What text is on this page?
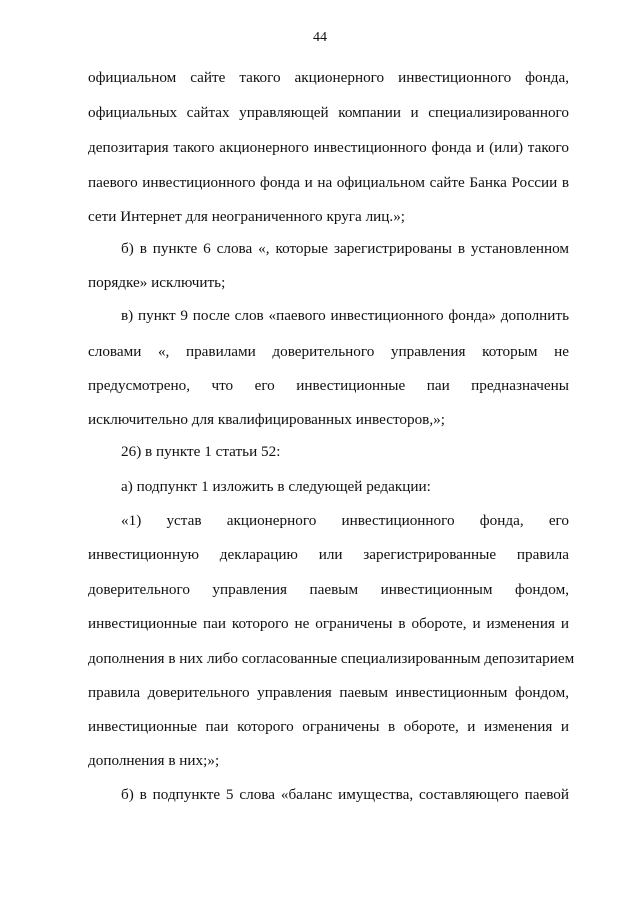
44
официальном сайте такого акционерного инвестиционного фонда,
официальных сайтах управляющей компании и специализированного
депозитария такого акционерного инвестиционного фонда и (или) такого
паевого инвестиционного фонда и на официальном сайте Банка России в
сети Интернет для неограниченного круга лиц.»;
б) в пункте 6 слова «, которые зарегистрированы в установленном
порядке» исключить;
в) пункт 9 после слов «паевого инвестиционного фонда» дополнить
словами «, правилами доверительного управления которым не
предусмотрено, что его инвестиционные паи предназначены
исключительно для квалифицированных инвесторов,»;
26) в пункте 1 статьи 52:
а) подпункт 1 изложить в следующей редакции:
«1) устав акционерного инвестиционного фонда, его
инвестиционную декларацию или зарегистрированные правила
доверительного управления паевым инвестиционным фондом,
инвестиционные паи которого не ограничены в обороте, и изменения и
дополнения в них либо согласованные специализированным депозитарием
правила доверительного управления паевым инвестиционным фондом,
инвестиционные паи которого ограничены в обороте, и изменения и
дополнения в них;»;
б) в подпункте 5 слова «баланс имущества, составляющего паевой
